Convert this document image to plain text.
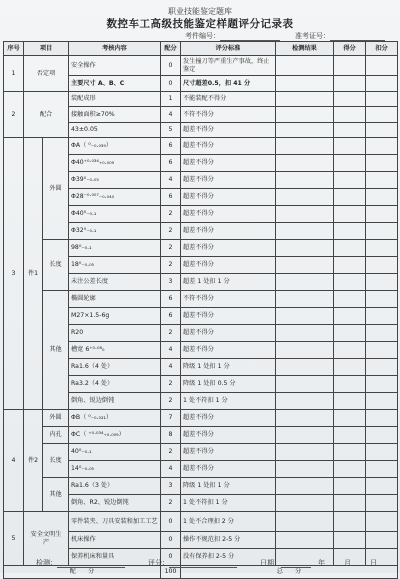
职业技能鉴定题库
数控车工高级技能鉴定样题评分记录表
考件编号：	准考证号：
序号	项目		考核内容	配分	评分标准	检测结果	得分	扣分
1	否定项		安全操作	0	发生撞刀等严重生产事故，终止鉴定			
			主要尺寸 A、B、C	0	尺寸超差0.5，扣 41 分			
2	配合		装配成形	1	不能装配不得分			
			接触面积≥70%	4	不符不得分			
			43±0.05	5	超差不得分			
3	件1	外圆	ΦA（ ⁰₋₀.₀₃₉）	6	超差不得分			
			Φ40⁺⁰·⁰³⁴₊₀.₀₀₉	6	超差不得分			
			Φ39⁰₋₀.₀₅	4	超差不得分			
			Φ28⁻⁰·⁰⁰⁷₋₀.₀₄₀	6	超差不得分			
			Φ40⁰₋₀.₁	2	超差不得分			
			Φ32⁰₋₀.₁	2	超差不得分			
		长度	98⁰₋₀.₁	2	超差不得分			
			18⁰₋₀.₀₅	2	超差不得分			
			未注公差长度	3	超差 1 处扣 1 分			
		其他	椭圆轮廓	6	不符不得分			
			M27×1.5-6g	6	超差不得分			
			R20	2	超差不得分			
			槽宽 6⁺⁰·⁰⁸₀	4	超差不得分			
			Ra1.6（4 处）	4	降级 1 处扣 1 分			
			Ra3.2（4 处）	2	降级 1 处扣 0.5 分			
			倒角、锐边倒钝	2	1 处不符扣 1 分			
4	件2	外圆	ΦB（ ⁰₋₀.₀₂₁）	7	超差不得分			
		内孔	ΦC（ ⁺⁰·⁰³⁴₊₀.₀₀₉）	8	超差不得分			
		长度	40⁰₋₀.₁	2	超差不得分			
			14⁰₋₀.₀₅	4	超差不得分			
		其他	Ra1.6（3 处）	3	降级 1 处扣 1 分			
			倒角、R2、锐边倒钝	2	1 处不符扣 1 分			
5	安全文明生产		零件装夹、刀具安装和加工工艺	0	1 处不合理扣 2 分			
			机床操作	0	操作不规范扣 2-5 分			
			保养机床和量具	0	没有保养扣 2-5 分			
配　　分				100	总　　分			
检测：	评分：	日期：	年	月	日
